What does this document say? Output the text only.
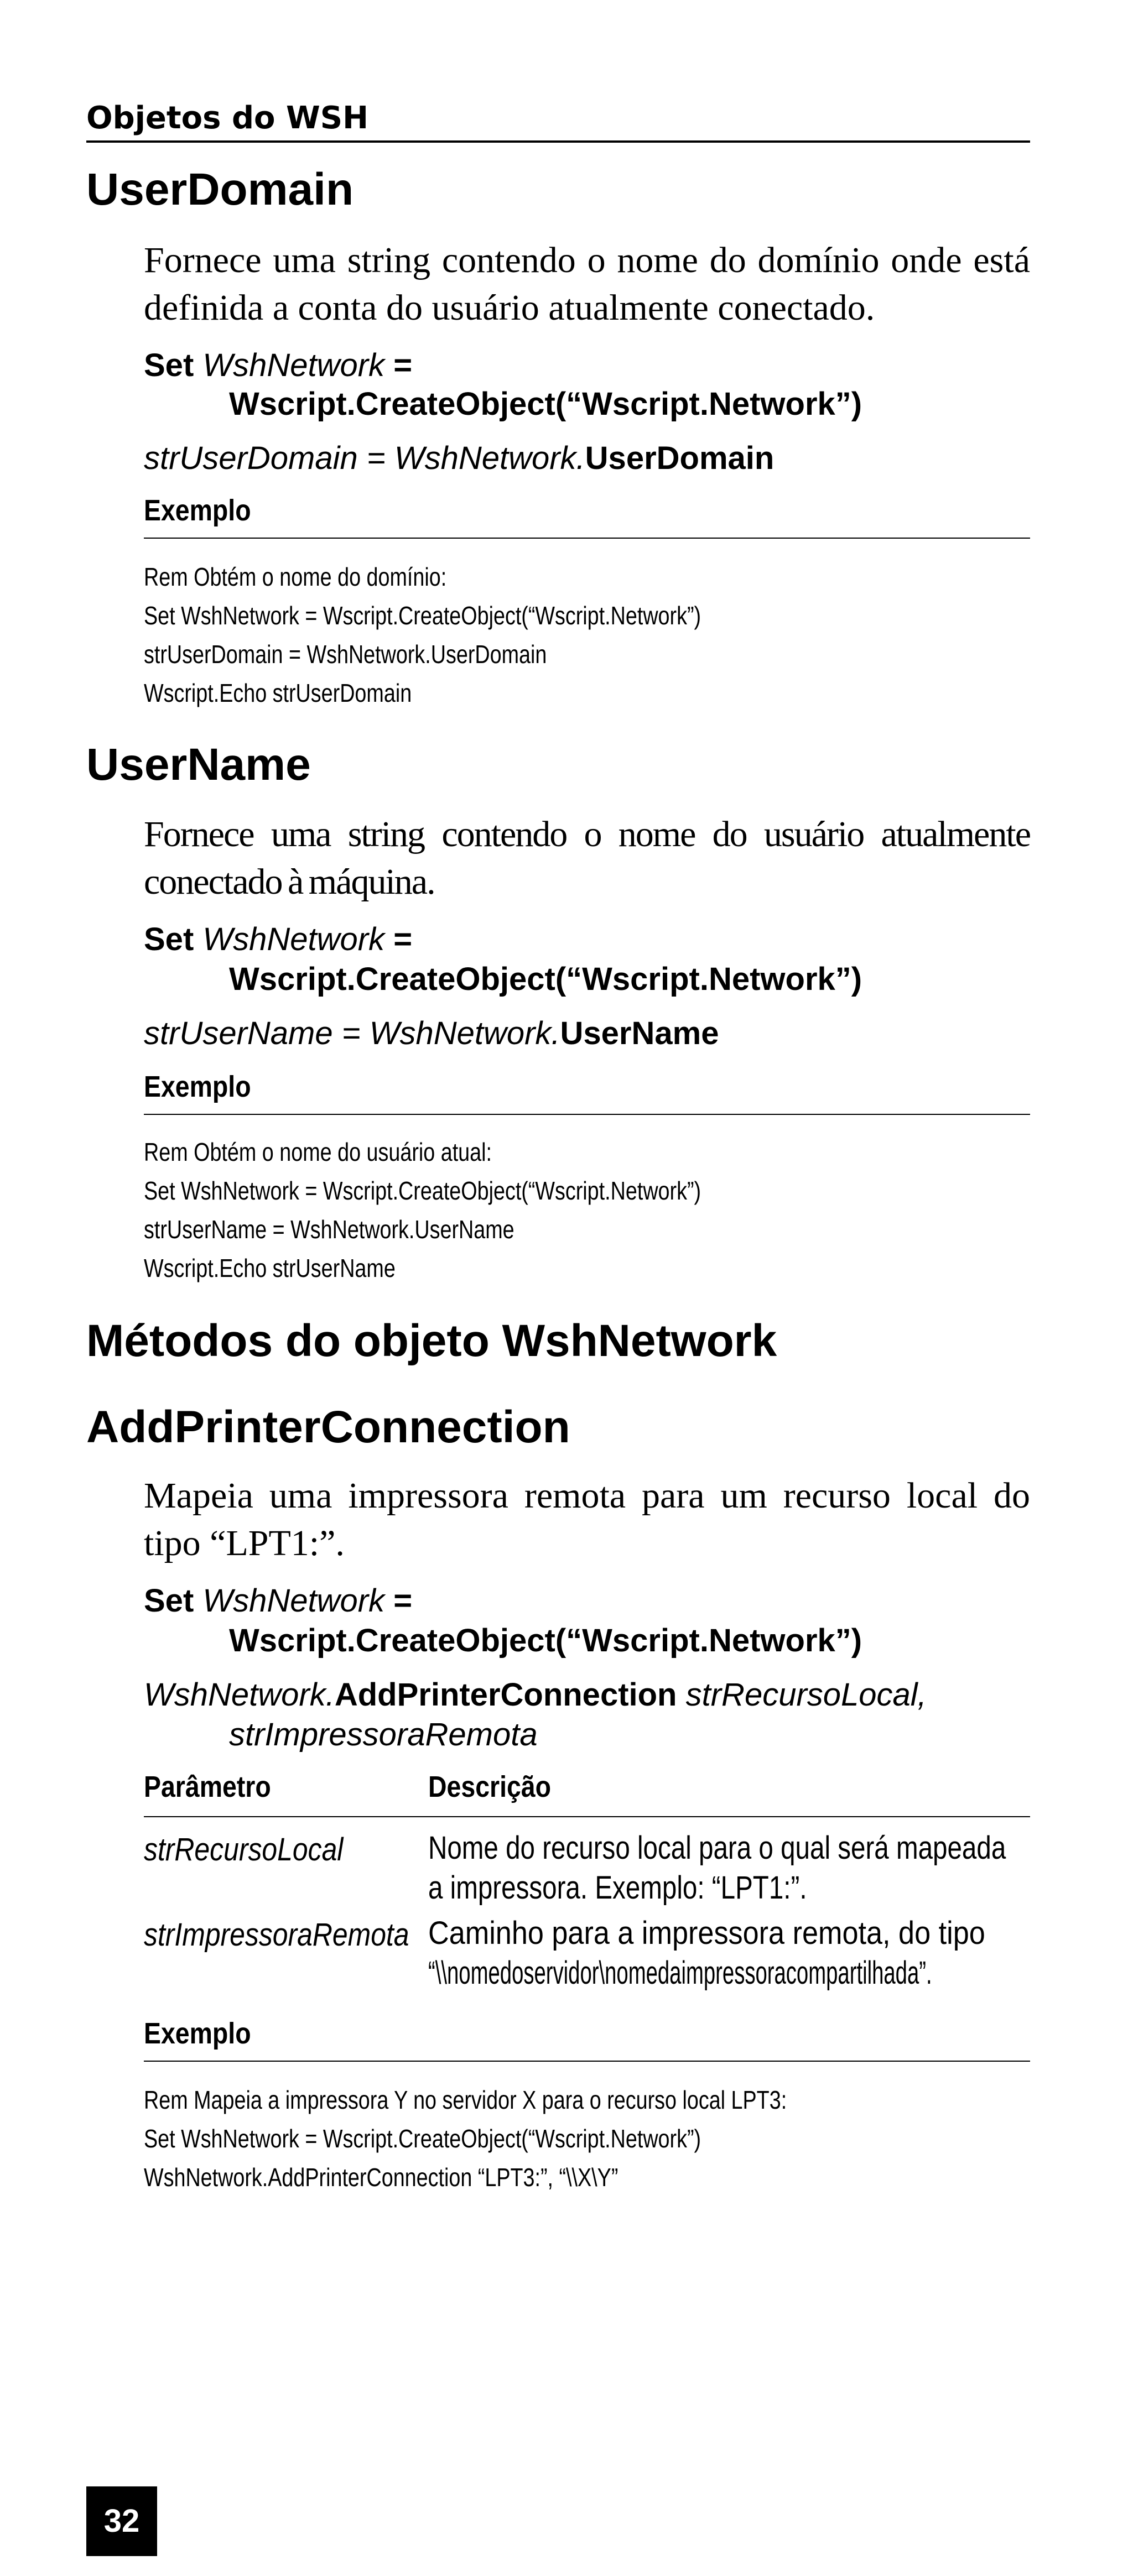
Objetos do WSH
UserDomain
Fornece uma string contendo o nome do domínio onde está definida a conta do usuário atualmente conectado.
Set WshNetwork =
Wscript.CreateObject(“Wscript.Network”)
strUserDomain = WshNetwork.UserDomain
Exemplo
Rem Obtém o nome do domínio:
Set WshNetwork = Wscript.CreateObject(“Wscript.Network”)
strUserDomain = WshNetwork.UserDomain
Wscript.Echo strUserDomain
UserName
Fornece uma string contendo o nome do usuário atualmente conectado à máquina.
Set WshNetwork =
Wscript.CreateObject(“Wscript.Network”)
strUserName = WshNetwork.UserName
Exemplo
Rem Obtém o nome do usuário atual:
Set WshNetwork = Wscript.CreateObject(“Wscript.Network”)
strUserName = WshNetwork.UserName
Wscript.Echo strUserName
Métodos do objeto WshNetwork
AddPrinterConnection
Mapeia uma impressora remota para um recurso local do tipo “LPT1:”.
Set WshNetwork =
Wscript.CreateObject(“Wscript.Network”)
WshNetwork.AddPrinterConnection strRecursoLocal,
strImpressoraRemota
Parâmetro	Descrição
strRecursoLocal	Nome do recurso local para o qual será mapeada
a impressora. Exemplo: “LPT1:”.
strImpressoraRemota Caminho para a impressora remota, do tipo
“\\nomedoservidor\nomedaimpressoracompartilhada”.
Exemplo
Rem Mapeia a impressora Y no servidor X para o recurso local LPT3:
Set WshNetwork = Wscript.CreateObject(“Wscript.Network”)
WshNetwork.AddPrinterConnection “LPT3:”, “\\X\Y”
32
